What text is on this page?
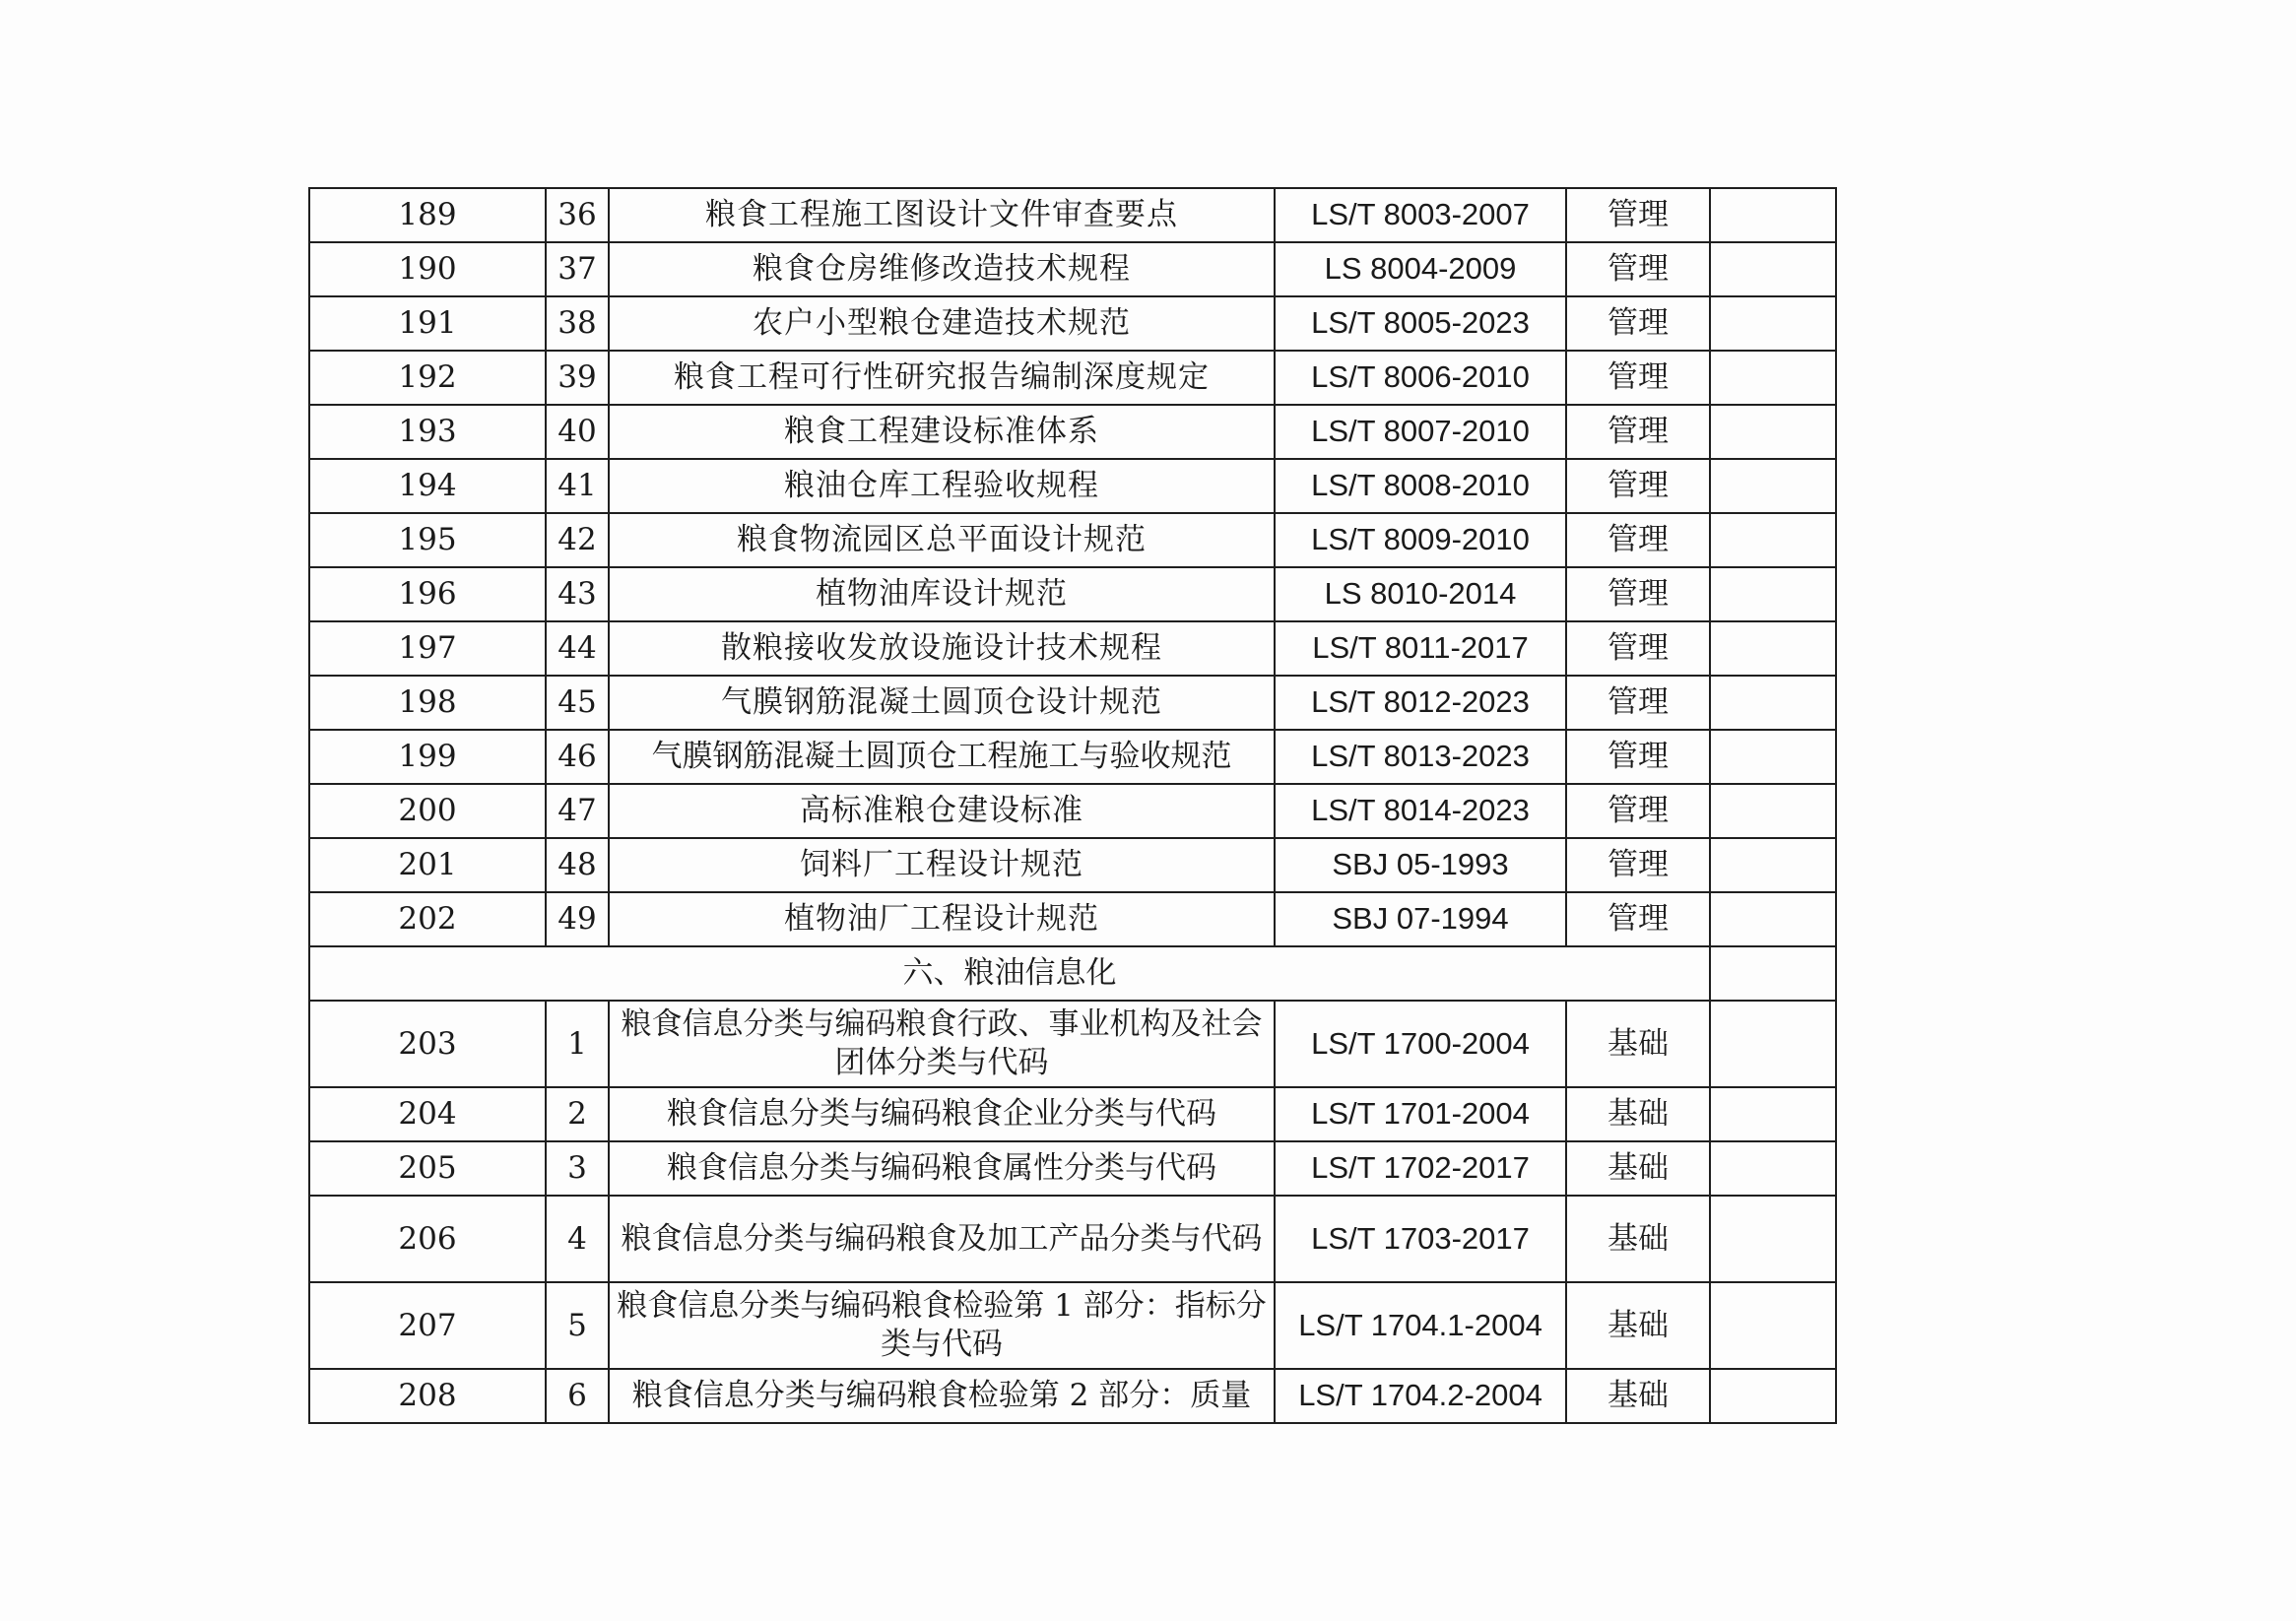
189	36	粮食工程施工图设计文件审查要点	LS/T 8003-2007	管理	
190	37	粮食仓房维修改造技术规程	LS 8004-2009	管理	
191	38	农户小型粮仓建造技术规范	LS/T 8005-2023	管理	
192	39	粮食工程可行性研究报告编制深度规定	LS/T 8006-2010	管理	
193	40	粮食工程建设标准体系	LS/T 8007-2010	管理	
194	41	粮油仓库工程验收规程	LS/T 8008-2010	管理	
195	42	粮食物流园区总平面设计规范	LS/T 8009-2010	管理	
196	43	植物油库设计规范	LS 8010-2014	管理	
197	44	散粮接收发放设施设计技术规程	LS/T 8011-2017	管理	
198	45	气膜钢筋混凝土圆顶仓设计规范	LS/T 8012-2023	管理	
199	46	气膜钢筋混凝土圆顶仓工程施工与验收规范	LS/T 8013-2023	管理	
200	47	高标准粮仓建设标准	LS/T 8014-2023	管理	
201	48	饲料厂工程设计规范	SBJ 05-1993	管理	
202	49	植物油厂工程设计规范	SBJ 07-1994	管理	
六、粮油信息化					
203	1	粮食信息分类与编码粮食行政、事业机构及社会团体分类与代码	LS/T 1700-2004	基础	
204	2	粮食信息分类与编码粮食企业分类与代码	LS/T 1701-2004	基础	
205	3	粮食信息分类与编码粮食属性分类与代码	LS/T 1702-2017	基础	
206	4	粮食信息分类与编码粮食及加工产品分类与代码	LS/T 1703-2017	基础	
207	5	粮食信息分类与编码粮食检验第 1 部分：指标分类与代码	LS/T 1704.1-2004	基础	
208	6	粮食信息分类与编码粮食检验第 2 部分：质量	LS/T 1704.2-2004	基础	
